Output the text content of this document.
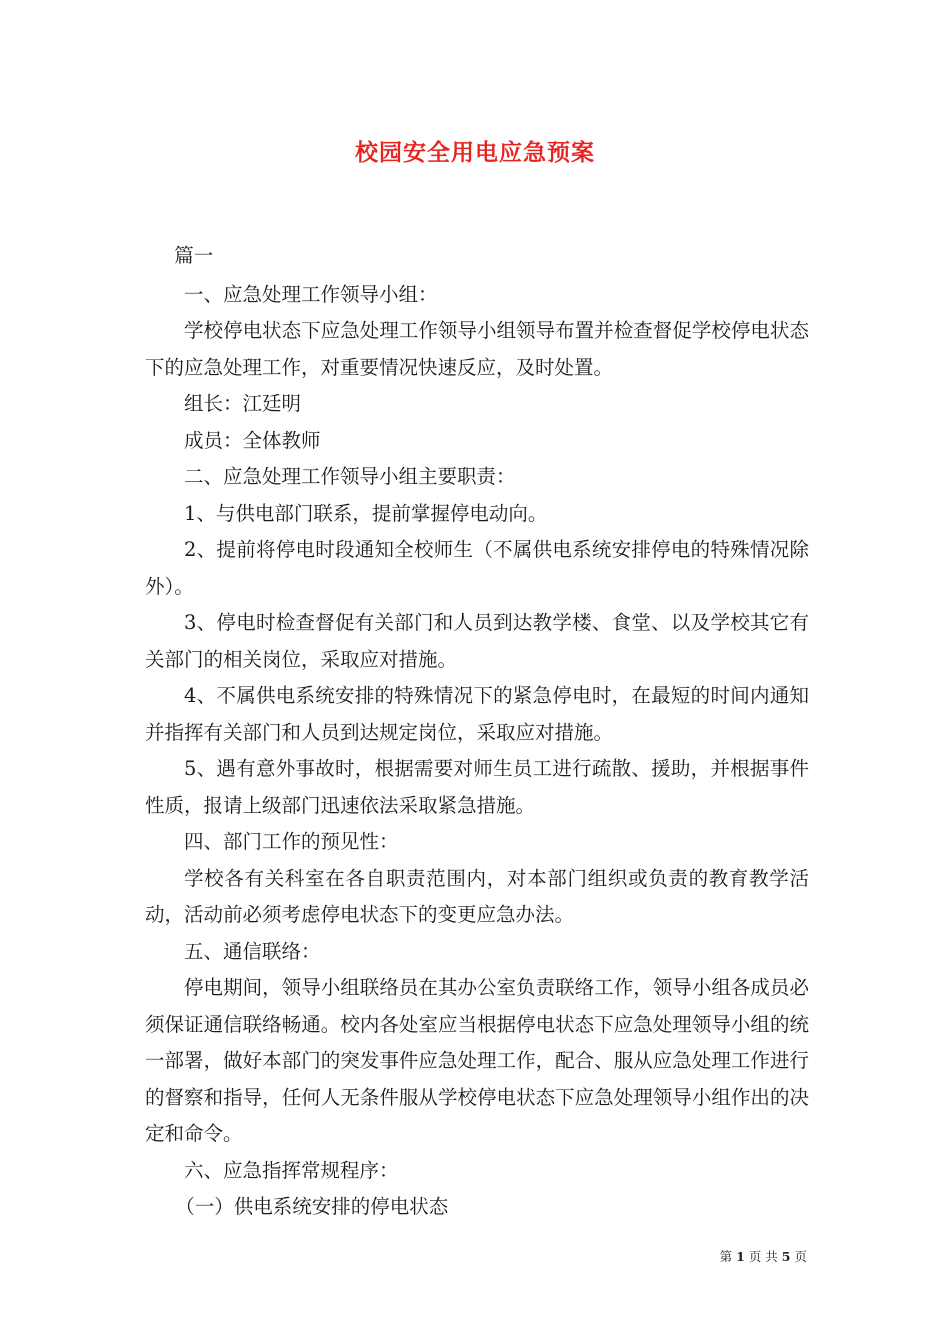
校园安全用电应急预案

篇一

一、应急处理工作领导小组：

学校停电状态下应急处理工作领导小组领导布置并检查督促学校停电状态下的应急处理工作，对重要情况快速反应，及时处置。

组长：江廷明

成员：全体教师

二、应急处理工作领导小组主要职责：

1、与供电部门联系，提前掌握停电动向。

2、提前将停电时段通知全校师生（不属供电系统安排停电的特殊情况除外）。

3、停电时检查督促有关部门和人员到达教学楼、食堂、以及学校其它有关部门的相关岗位，采取应对措施。

4、不属供电系统安排的特殊情况下的紧急停电时，在最短的时间内通知并指挥有关部门和人员到达规定岗位，采取应对措施。

5、遇有意外事故时，根据需要对师生员工进行疏散、援助，并根据事件性质，报请上级部门迅速依法采取紧急措施。

四、部门工作的预见性：

学校各有关科室在各自职责范围内，对本部门组织或负责的教育教学活动，活动前必须考虑停电状态下的变更应急办法。

五、通信联络：

停电期间，领导小组联络员在其办公室负责联络工作，领导小组各成员必须保证通信联络畅通。校内各处室应当根据停电状态下应急处理领导小组的统一部署，做好本部门的突发事件应急处理工作，配合、服从应急处理工作进行的督察和指导，任何人无条件服从学校停电状态下应急处理领导小组作出的决定和命令。

六、应急指挥常规程序：

（一）供电系统安排的停电状态

第 1 页 共 5 页
